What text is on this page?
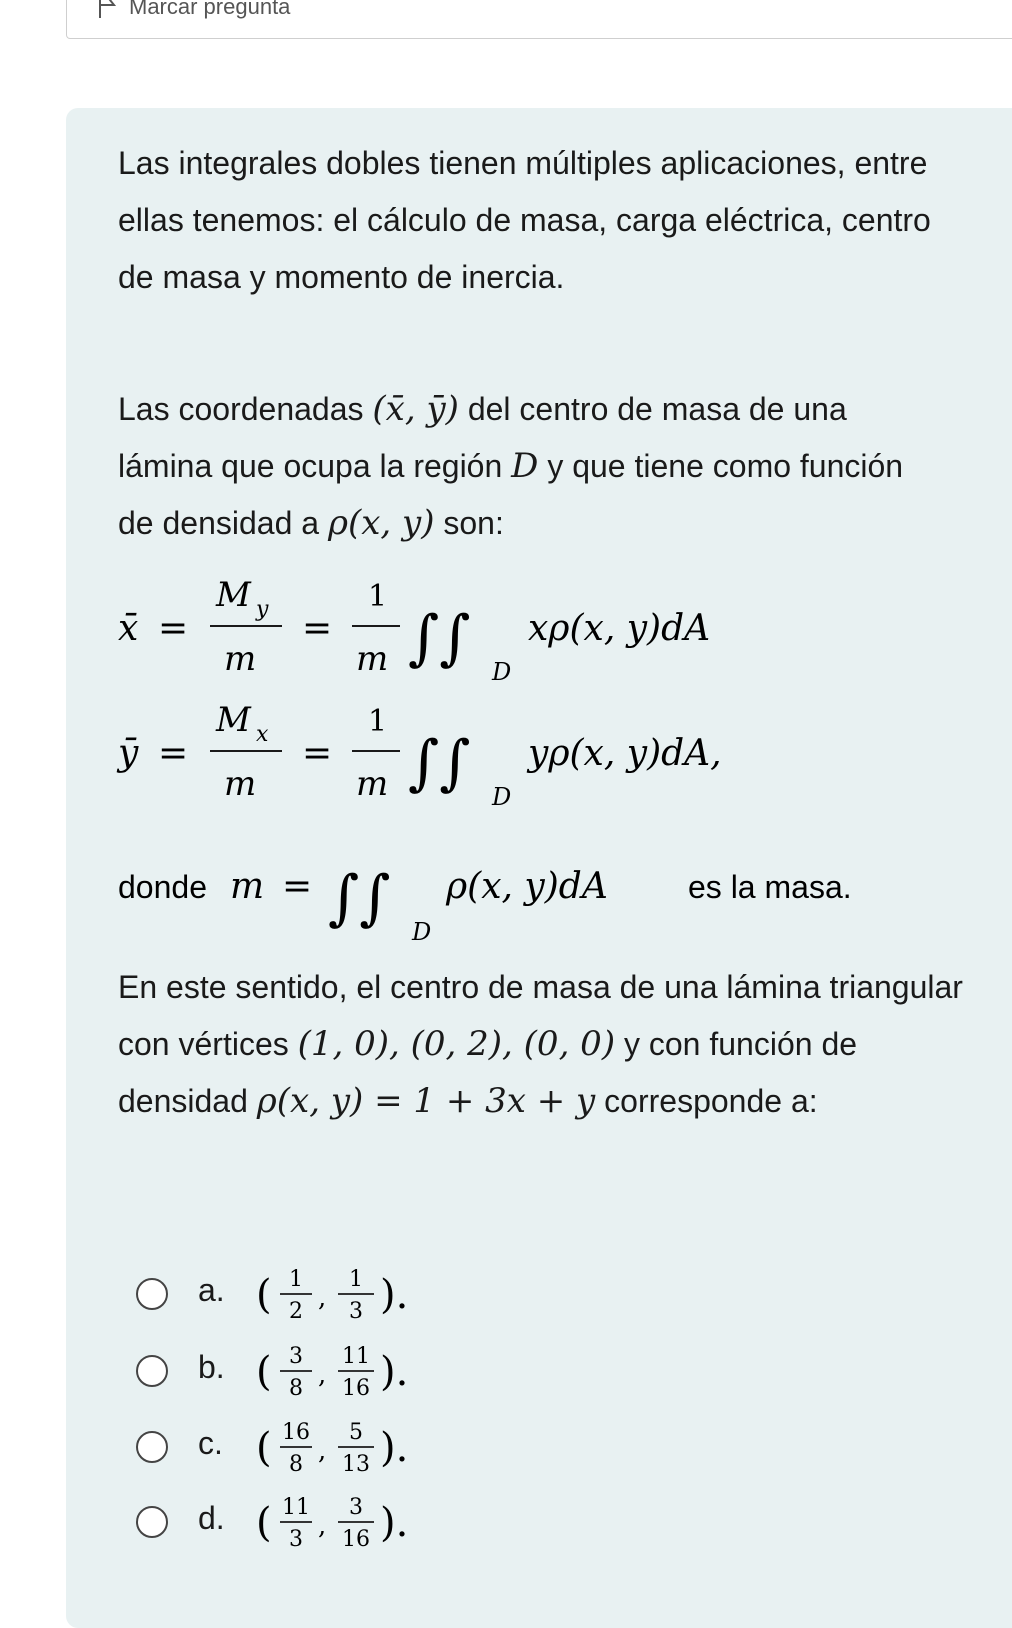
Marcar pregunta
Las integrales dobles tienen múltiples aplicaciones, entre ellas tenemos: el cálculo de masa, carga eléctrica, centro de masa y momento de inercia.
Las coordenadas (x̄, ȳ) del centro de masa de una lámina que ocupa la región D y que tiene como función de densidad a ρ(x, y) son:
x̄ =
M y
m
=
1
m ∫∫ D
xρ(x, y)dA
ȳ =
M x
m
=
1
m ∫∫ D
yρ(x, y)dA,
donde m = ∫∫ D
ρ(x, y)dA	es la masa.
En este sentido, el centro de masa de una lámina triangular con vértices (1, 0), (0, 2), (0, 0) y con función de densidad ρ(x, y) = 1 + 3x + y corresponde a:
a. ( 1
2 ,
1
3 ).
b. ( 3
8 ,
11
16 ).
c. ( 16
8 ,
5
13 ).
d. ( 11
3 ,
3
16 ).
